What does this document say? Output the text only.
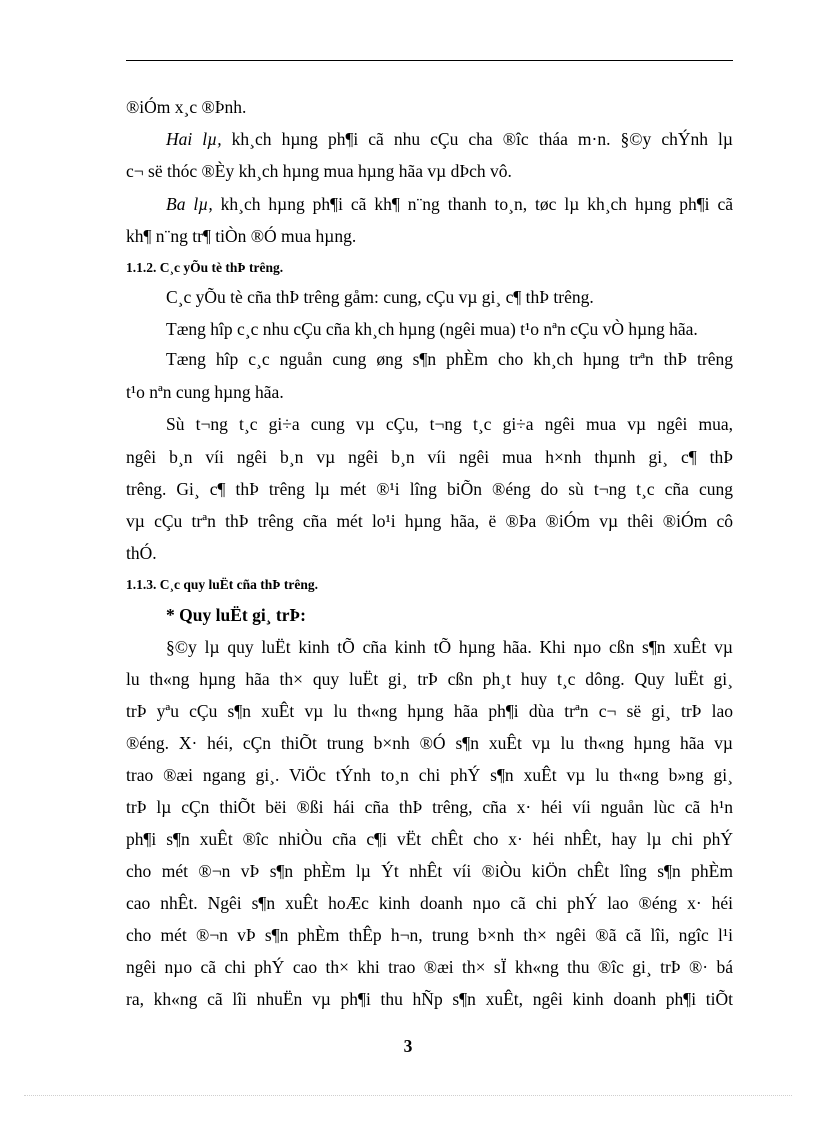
®iÓm x¸c ®Þnh.
Hai lµ, kh¸ch hµng ph¶i cã nhu cÇu cha ®îc tháa m·n. §©y chÝnh lµ
c¬ së thóc ®Èy kh¸ch hµng mua hµng hãa vµ dÞch vô.
Ba lµ, kh¸ch hµng ph¶i cã kh¶ n¨ng thanh to¸n, tøc lµ kh¸ch hµng ph¶i cã
kh¶ n¨ng tr¶ tiÒn ®Ó mua hµng.
1.1.2. C¸c yÕu tè thÞ trêng.
C¸c yÕu tè cña thÞ trêng gåm: cung, cÇu vµ gi¸ c¶ thÞ trêng.
Tæng hîp c¸c nhu cÇu cña kh¸ch hµng (ngêi mua) t¹o nªn cÇu vÒ hµng hãa.
Tæng hîp c¸c nguån cung øng s¶n phÈm cho kh¸ch hµng trªn thÞ trêng
t¹o nªn cung hµng hãa.
Sù t¬ng t¸c gi÷a cung vµ cÇu, t¬ng t¸c gi÷a ngêi mua vµ ngêi mua,
ngêi b¸n víi ngêi b¸n vµ ngêi b¸n víi ngêi mua h×nh thµnh gi¸ c¶ thÞ
trêng. Gi¸ c¶ thÞ trêng lµ mét ®¹i lîng biÕn ®éng do sù t¬ng t¸c cña cung
vµ cÇu trªn thÞ trêng cña mét lo¹i hµng hãa, ë ®Þa ®iÓm vµ thêi ®iÓm cô
thÓ.
1.1.3. C¸c quy luËt cña thÞ trêng.
* Quy luËt gi¸ trÞ:
§©y lµ quy luËt kinh tÕ cña kinh tÕ hµng hãa. Khi nµo cßn s¶n xuÊt vµ
lu th«ng hµng hãa th× quy luËt gi¸ trÞ cßn ph¸t huy t¸c dông. Quy luËt gi¸
trÞ yªu cÇu s¶n xuÊt vµ lu th«ng hµng hãa ph¶i dùa trªn c¬ së gi¸ trÞ lao
®éng. X· héi, cÇn thiÕt trung b×nh ®Ó s¶n xuÊt vµ lu th«ng hµng hãa vµ
trao ®æi ngang gi¸. ViÖc tÝnh to¸n chi phÝ s¶n xuÊt vµ lu th«ng b»ng gi¸
trÞ lµ cÇn thiÕt bëi ®ßi hái cña thÞ trêng, cña x· héi víi nguån lùc cã h¹n
ph¶i s¶n xuÊt ®îc nhiÒu cña c¶i vËt chÊt cho x· héi nhÊt, hay lµ chi phÝ
cho mét ®¬n vÞ s¶n phÈm lµ Ýt nhÊt víi ®iÒu kiÖn chÊt lîng s¶n phÈm
cao nhÊt. Ngêi s¶n xuÊt hoÆc kinh doanh nµo cã chi phÝ lao ®éng x· héi
cho mét ®¬n vÞ s¶n phÈm thÊp h¬n, trung b×nh th× ngêi ®ã cã lîi, ngîc l¹i
ngêi nµo cã chi phÝ cao th× khi trao ®æi th× sÏ kh«ng thu ®îc gi¸ trÞ ®· bá
ra, kh«ng cã lîi nhuËn vµ ph¶i thu hÑp s¶n xuÊt, ngêi kinh doanh ph¶i tiÕt
3
